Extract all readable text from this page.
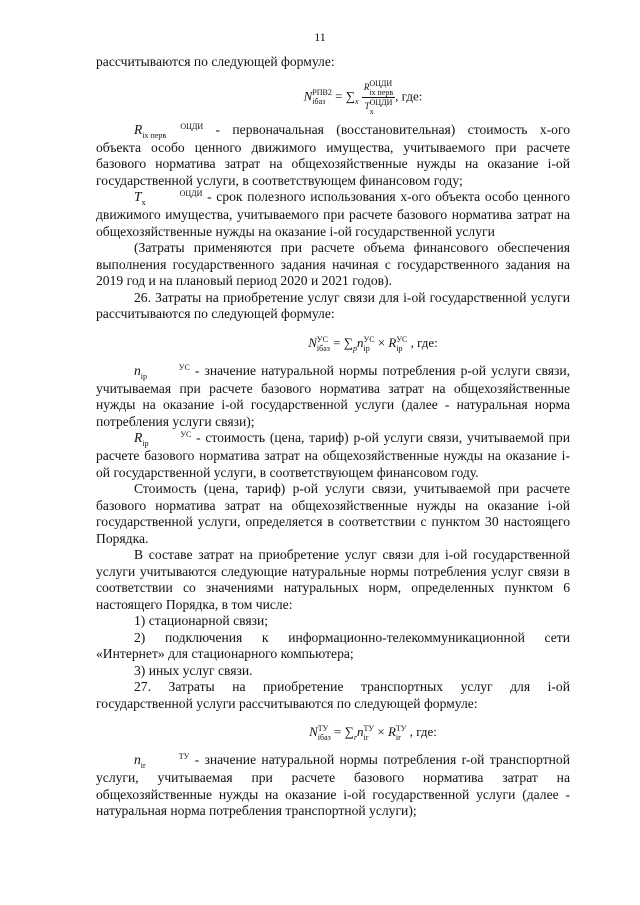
11

рассчитываются по следующей формуле:

NРПВ2
iбаз = $\sum_x$
RОЦДИ
ix перв
TОЦДИ
x
, где:

R	ОЦДИ
ix перв	- первоначальная (восстановительная) стоимость x-ого объекта особо ценного движимого имущества, учитываемого при расчете базового норматива затрат на общехозяйственные нужды на оказание i-ой государственной услуги, в соответствующем финансовом году;

T	ОЦДИ
x	- срок полезного использования x-ого объекта особо ценного движимого имущества, учитываемого при расчете базового норматива затрат на общехозяйственные нужды на оказание i-ой государственной услуги

(Затраты применяются при расчете объема финансового обеспечения выполнения государственного задания начиная с государственного задания на 2019 год и на плановый период 2020 и 2021 годов).

26. Затраты на приобретение услуг связи для i-ой государственной услуги рассчитываются по следующей формуле:

NУС
iбаз = $\sum_pnУС$
ip × RУС
ip , где:

n	УС
ip	- значение натуральной нормы потребления p-ой услуги связи, учитываемая при расчете базового норматива затрат на общехозяйственные нужды на оказание i-ой государственной услуги (далее - натуральная норма потребления услуги связи);

R	УС
ip	- стоимость (цена, тариф) p-ой услуги связи, учитываемой при расчете базового норматива затрат на общехозяйственные нужды на оказание i-ой государственной услуги, в соответствующем финансовом году.

Стоимость (цена, тариф) p-ой услуги связи, учитываемой при расчете базового норматива затрат на общехозяйственные нужды на оказание i-ой государственной услуги, определяется в соответствии с пунктом 30 настоящего Порядка.

В составе затрат на приобретение услуг связи для i-ой государственной услуги учитываются следующие натуральные нормы потребления услуг связи в соответствии со значениями натуральных норм, определенных пунктом 6 настоящего Порядка, в том числе:

1) стационарной связи;

2) подключения к информационно-телекоммуникационной сети «Интернет» для стационарного компьютера;

3) иных услуг связи.

27. Затраты на приобретение транспортных услуг для i-ой государственной услуги рассчитываются по следующей формуле:

NТУ
iбаз = $\sum_rnТУ$
ir × RТУ
ir , где:

n	ТУ
ir	- значение натуральной нормы потребления r-ой транспортной услуги, учитываемая при расчете базового норматива затрат на общехозяйственные нужды на оказание i-ой государственной услуги (далее - натуральная норма потребления транспортной услуги);
